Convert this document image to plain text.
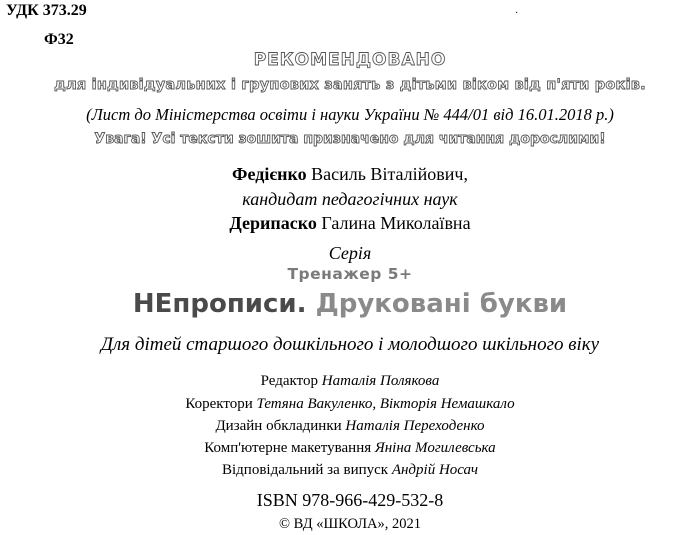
УДК 373.29
Ф32
·
РЕКОМЕНДОВАНО
для індивідуальних і групових занять з дітьми віком від п'яти років.
(Лист до Міністерства освіти і науки України № 444/01 від 16.01.2018 р.)
Увага! Усі тексти зошита призначено для читання дорослими!
Федієнко Василь Віталійович,
кандидат педагогічних наук
Дерипаско Галина Миколаївна
Серія
Тренажер 5+
НЕпрописи. Друковані букви
Для дітей старшого дошкільного і молодшого шкільного віку
Редактор Наталія Полякова
Коректори Тетяна Вакуленко, Вікторія Немашкало
Дизайн обкладинки Наталія Переходенко
Комп'ютерне макетування Яніна Могилевська
Відповідальний за випуск Андрій Носач
ISBN 978-966-429-532-8
© ВД «ШКОЛА», 2021
